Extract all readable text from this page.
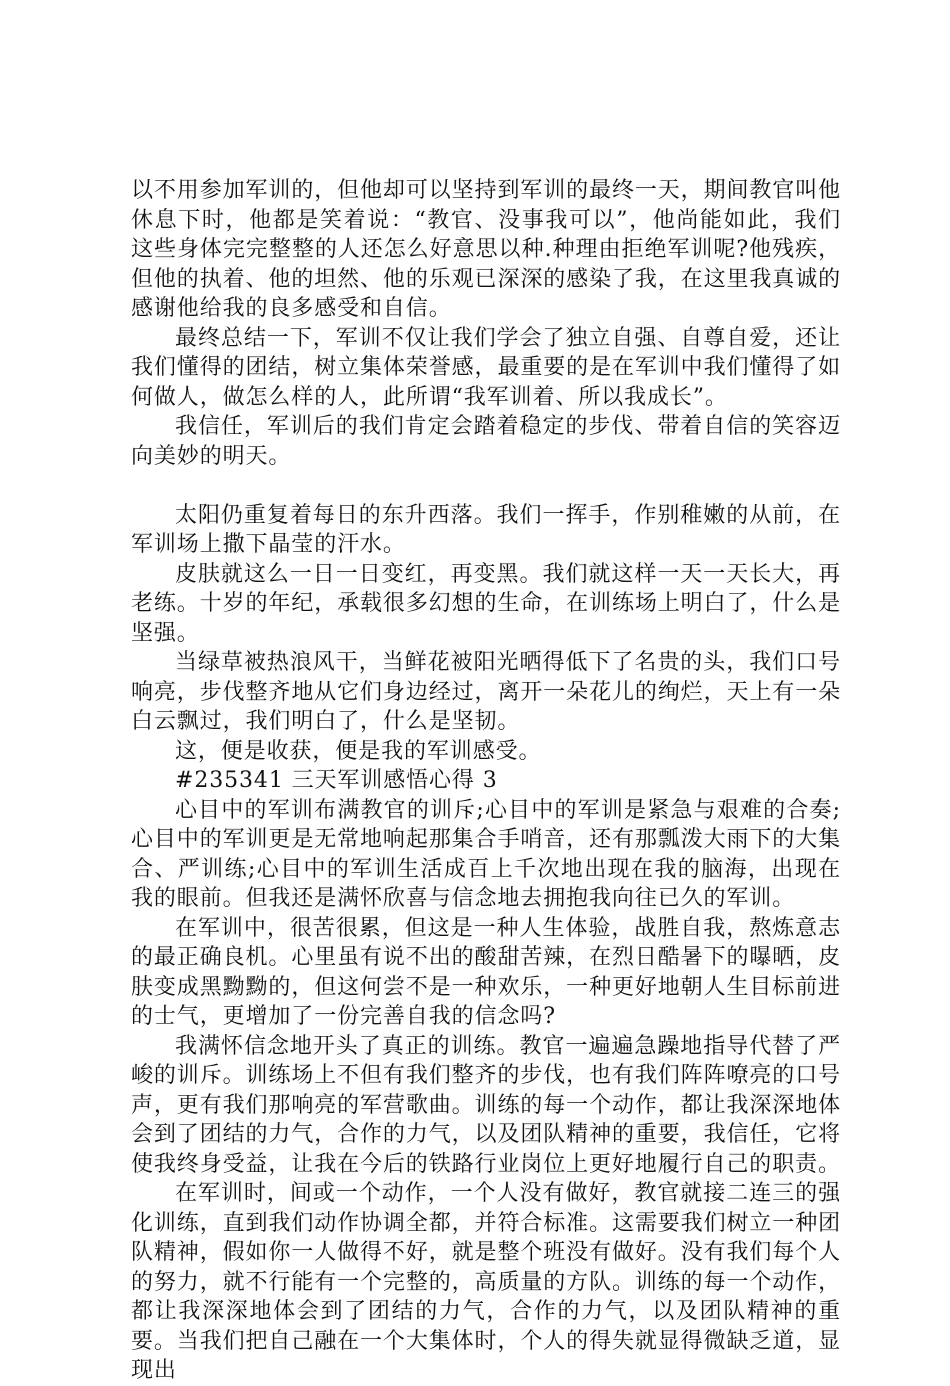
以不用参加军训的，但他却可以坚持到军训的最终一天，期间教官叫他休息下时，他都是笑着说：“教官、没事我可以”，他尚能如此，我们这些身体完完整整的人还怎么好意思以种.种理由拒绝军训呢?他残疾，但他的执着、他的坦然、他的乐观已深深的感染了我，在这里我真诚的感谢他给我的良多感受和自信。

最终总结一下，军训不仅让我们学会了独立自强、自尊自爱，还让我们懂得的团结，树立集体荣誉感，最重要的是在军训中我们懂得了如何做人，做怎么样的人，此所谓“我军训着、所以我成长”。

我信任，军训后的我们肯定会踏着稳定的步伐、带着自信的笑容迈向美妙的明天。

太阳仍重复着每日的东升西落。我们一挥手，作别稚嫩的从前，在军训场上撒下晶莹的汗水。

皮肤就这么一日一日变红，再变黑。我们就这样一天一天长大，再老练。十岁的年纪，承载很多幻想的生命，在训练场上明白了，什么是坚强。

当绿草被热浪风干，当鲜花被阳光晒得低下了名贵的头，我们口号响亮，步伐整齐地从它们身边经过，离开一朵花儿的绚烂，天上有一朵白云飘过，我们明白了，什么是坚韧。

这，便是收获，便是我的军训感受。

#235341 三天军训感悟心得 3

心目中的军训布满教官的训斥;心目中的军训是紧急与艰难的合奏;心目中的军训更是无常地响起那集合手哨音，还有那瓢泼大雨下的大集合、严训练;心目中的军训生活成百上千次地出现在我的脑海，出现在我的眼前。但我还是满怀欣喜与信念地去拥抱我向往已久的军训。

在军训中，很苦很累，但这是一种人生体验，战胜自我，熬炼意志的最正确良机。心里虽有说不出的酸甜苦辣，在烈日酷暑下的曝晒，皮肤变成黑黝黝的，但这何尝不是一种欢乐，一种更好地朝人生目标前进的士气，更增加了一份完善自我的信念吗?

我满怀信念地开头了真正的训练。教官一遍遍急躁地指导代替了严峻的训斥。训练场上不但有我们整齐的步伐，也有我们阵阵嘹亮的口号声，更有我们那响亮的军营歌曲。训练的每一个动作，都让我深深地体会到了团结的力气，合作的力气，以及团队精神的重要，我信任，它将使我终身受益，让我在今后的铁路行业岗位上更好地履行自己的职责。

在军训时，间或一个动作，一个人没有做好，教官就接二连三的强化训练，直到我们动作协调全都，并符合标准。这需要我们树立一种团队精神，假如你一人做得不好，就是整个班没有做好。没有我们每个人的努力，就不行能有一个完整的，高质量的方队。训练的每一个动作，都让我深深地体会到了团结的力气，合作的力气，以及团队精神的重要。当我们把自己融在一个大集体时，个人的得失就显得微缺乏道，显现出
